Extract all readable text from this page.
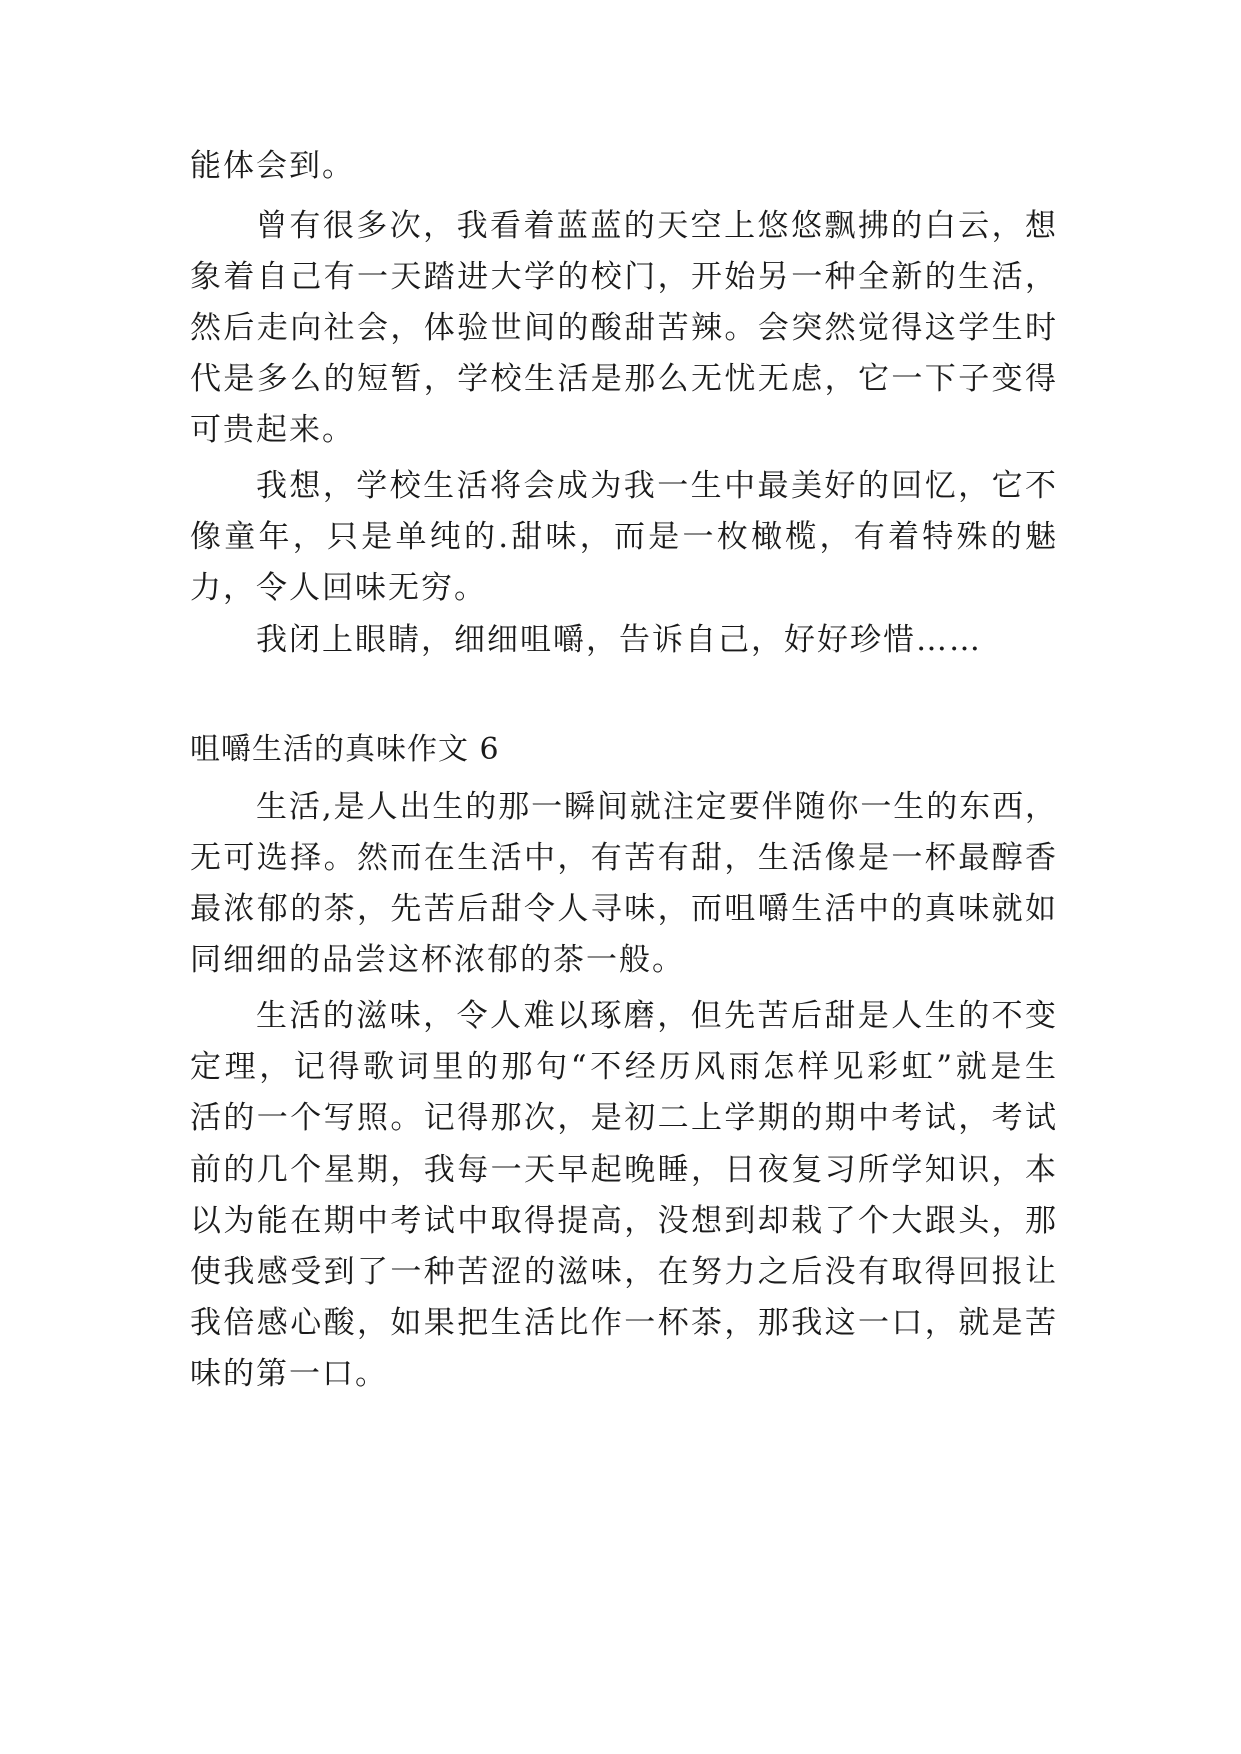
能体会到。

曾有很多次，我看着蓝蓝的天空上悠悠飘拂的白云，想

象着自己有一天踏进大学的校门，开始另一种全新的生活，

然后走向社会，体验世间的酸甜苦辣。会突然觉得这学生时

代是多么的短暂，学校生活是那么无忧无虑，它一下子变得

可贵起来。

我想，学校生活将会成为我一生中最美好的回忆，它不

像童年，只是单纯的.甜味，而是一枚橄榄，有着特殊的魅

力，令人回味无穷。

我闭上眼睛，细细咀嚼，告诉自己，好好珍惜……

咀嚼生活的真味作文 6

生活,是人出生的那一瞬间就注定要伴随你一生的东西，

无可选择。然而在生活中，有苦有甜，生活像是一杯最醇香

最浓郁的茶，先苦后甜令人寻味，而咀嚼生活中的真味就如

同细细的品尝这杯浓郁的茶一般。

生活的滋味，令人难以琢磨，但先苦后甜是人生的不变

定理，记得歌词里的那句“不经历风雨怎样见彩虹”就是生

活的一个写照。记得那次，是初二上学期的期中考试，考试

前的几个星期，我每一天早起晚睡，日夜复习所学知识，本

以为能在期中考试中取得提高，没想到却栽了个大跟头，那

使我感受到了一种苦涩的滋味，在努力之后没有取得回报让

我倍感心酸，如果把生活比作一杯茶，那我这一口，就是苦

味的第一口。
